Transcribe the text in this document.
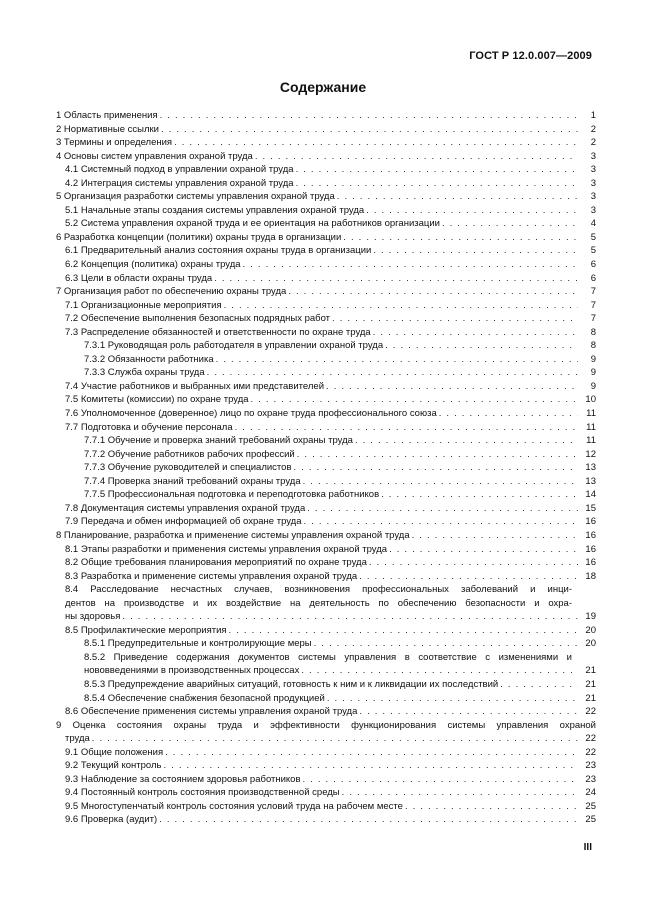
ГОСТ Р 12.0.007—2009
Содержание
1 Область применения . . .	1
2 Нормативные ссылки . . .	2
3 Термины и определения . . .	2
4 Основы систем управления охраной труда . . .	3
4.1 Системный подход в управлении охраной труда . . .	3
4.2 Интеграция системы управления охраной труда . . .	3
5 Организация разработки системы управления охраной труда . . .	3
5.1 Начальные этапы создания системы управления охраной труда . . .	3
5.2 Система управления охраной труда и ее ориентация на работников организации . . .	4
6 Разработка концепции (политики) охраны труда в организации . . .	5
6.1 Предварительный анализ состояния охраны труда в организации . . .	5
6.2 Концепция (политика) охраны труда . . .	6
6.3 Цели в области охраны труда . . .	6
7 Организация работ по обеспечению охраны труда . . .	7
7.1 Организационные мероприятия . . .	7
7.2 Обеспечение выполнения безопасных подрядных работ . . .	7
7.3 Распределение обязанностей и ответственности по охране труда . . .	8
7.3.1 Руководящая роль работодателя в управлении охраной труда . . .	8
7.3.2 Обязанности работника . . .	9
7.3.3 Служба охраны труда . . .	9
7.4 Участие работников и выбранных ими представителей . . .	9
7.5 Комитеты (комиссии) по охране труда . . .	10
7.6 Уполномоченное (доверенное) лицо по охране труда профессионального союза . . .	11
7.7 Подготовка и обучение персонала . . .	11
7.7.1 Обучение и проверка знаний требований охраны труда . . .	11
7.7.2 Обучение работников рабочих профессий . . .	12
7.7.3 Обучение руководителей и специалистов . . .	13
7.7.4 Проверка знаний требований охраны труда . . .	13
7.7.5 Профессиональная подготовка и переподготовка работников . . .	14
7.8 Документация системы управления охраной труда . . .	15
7.9 Передача и обмен информацией об охране труда . . .	16
8 Планирование, разработка и применение системы управления охраной труда . . .	16
8.1 Этапы разработки и применения системы управления охраной труда . . .	16
8.2 Общие требования планирования мероприятий по охране труда . . .	16
8.3 Разработка и применение системы управления охраной труда . . .	18
8.4 Расследование несчастных случаев, возникновения профессиональных заболеваний и инци-
дентов на производстве и их воздействие на деятельность по обеспечению безопасности и охра-
ны здоровья . . .	19
8.5 Профилактические мероприятия . . .	20
8.5.1 Предупредительные и контролирующие меры . . .	20
8.5.2 Приведение содержания документов системы управления в соответствие с изменениями и
нововведениями в производственных процессах . . .	21
8.5.3 Предупреждение аварийных ситуаций, готовность к ним и к ликвидации их последствий . . .	21
8.5.4 Обеспечение снабжения безопасной продукцией . . .	21
8.6 Обеспечение применения системы управления охраной труда . . .	22
9 Оценка состояния охраны труда и эффективности функционирования системы управления охраной
труда . . .	22
9.1 Общие положения . . .	22
9.2 Текущий контроль . . .	23
9.3 Наблюдение за состоянием здоровья работников . . .	23
9.4 Постоянный контроль состояния производственной среды . . .	24
9.5 Многоступенчатый контроль состояния условий труда на рабочем месте . . .	25
9.6 Проверка (аудит) . . .	25
III
